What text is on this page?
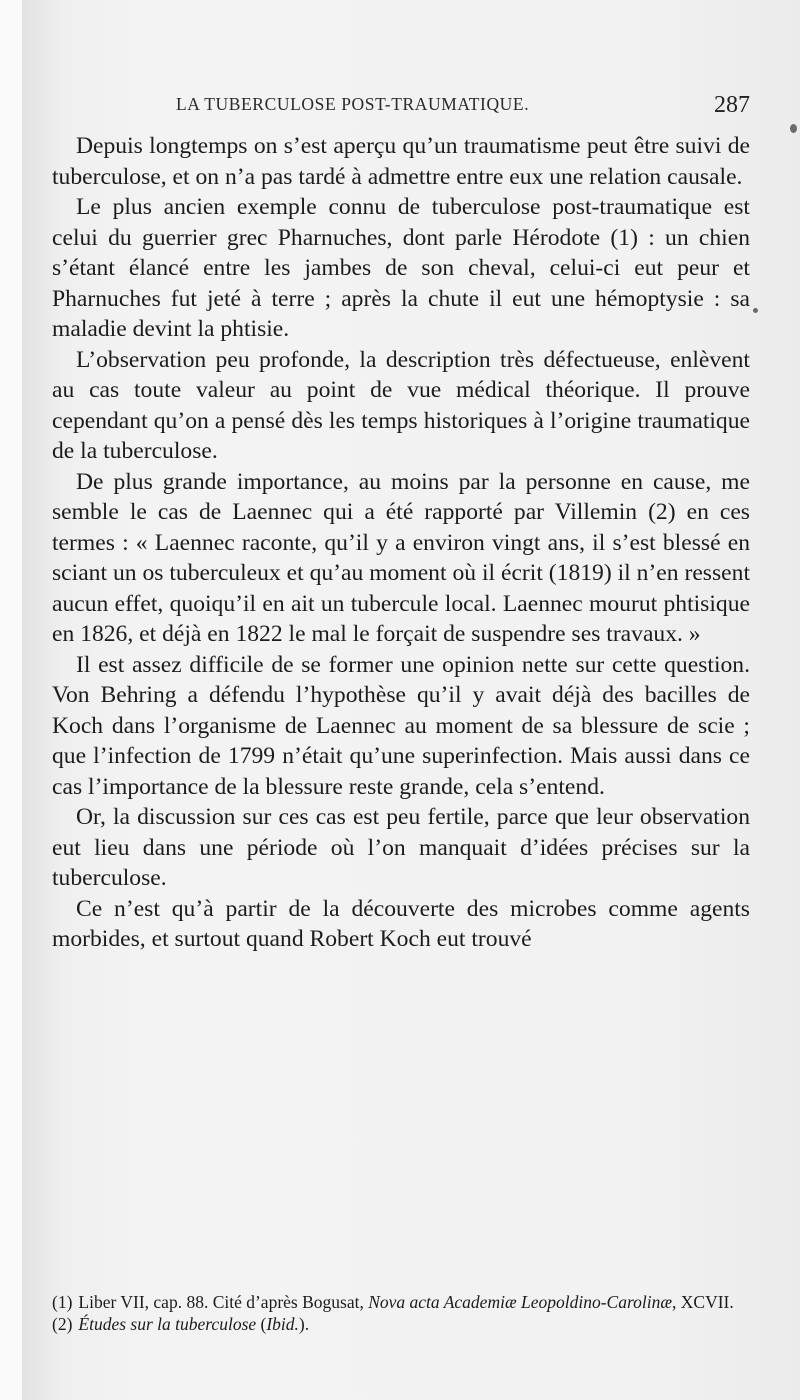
LA TUBERCULOSE POST-TRAUMATIQUE.	287

Depuis longtemps on s’est aperçu qu’un traumatisme peut être suivi de tuberculose, et on n’a pas tardé à admettre entre eux une relation causale.

Le plus ancien exemple connu de tuberculose post-traumatique est celui du guerrier grec Pharnuches, dont parle Hérodote (1) : un chien s’étant élancé entre les jambes de son cheval, celui-ci eut peur et Pharnuches fut jeté à terre ; après la chute il eut une hémoptysie : sa maladie devint la phtisie.

L’observation peu profonde, la description très défectueuse, enlèvent au cas toute valeur au point de vue médical théorique. Il prouve cependant qu’on a pensé dès les temps historiques à l’origine traumatique de la tuberculose.

De plus grande importance, au moins par la personne en cause, me semble le cas de Laennec qui a été rapporté par Villemin (2) en ces termes : « Laennec raconte, qu’il y a environ vingt ans, il s’est blessé en sciant un os tuberculeux et qu’au moment où il écrit (1819) il n’en ressent aucun effet, quoiqu’il en ait un tubercule local. Laennec mourut phtisique en 1826, et déjà en 1822 le mal le forçait de suspendre ses travaux. »

Il est assez difficile de se former une opinion nette sur cette question. Von Behring a défendu l’hypothèse qu’il y avait déjà des bacilles de Koch dans l’organisme de Laennec au moment de sa blessure de scie ; que l’infection de 1799 n’était qu’une superinfection. Mais aussi dans ce cas l’importance de la blessure reste grande, cela s’entend.

Or, la discussion sur ces cas est peu fertile, parce que leur observation eut lieu dans une période où l’on manquait d’idées précises sur la tuberculose.

Ce n’est qu’à partir de la découverte des microbes comme agents morbides, et surtout quand Robert Koch eut trouvé

(1) Liber VII, cap. 88. Cité d’après Bogusat, Nova acta Academiæ Leopoldino-Carolinæ, XCVII.

(2) Études sur la tuberculose (Ibid.).
